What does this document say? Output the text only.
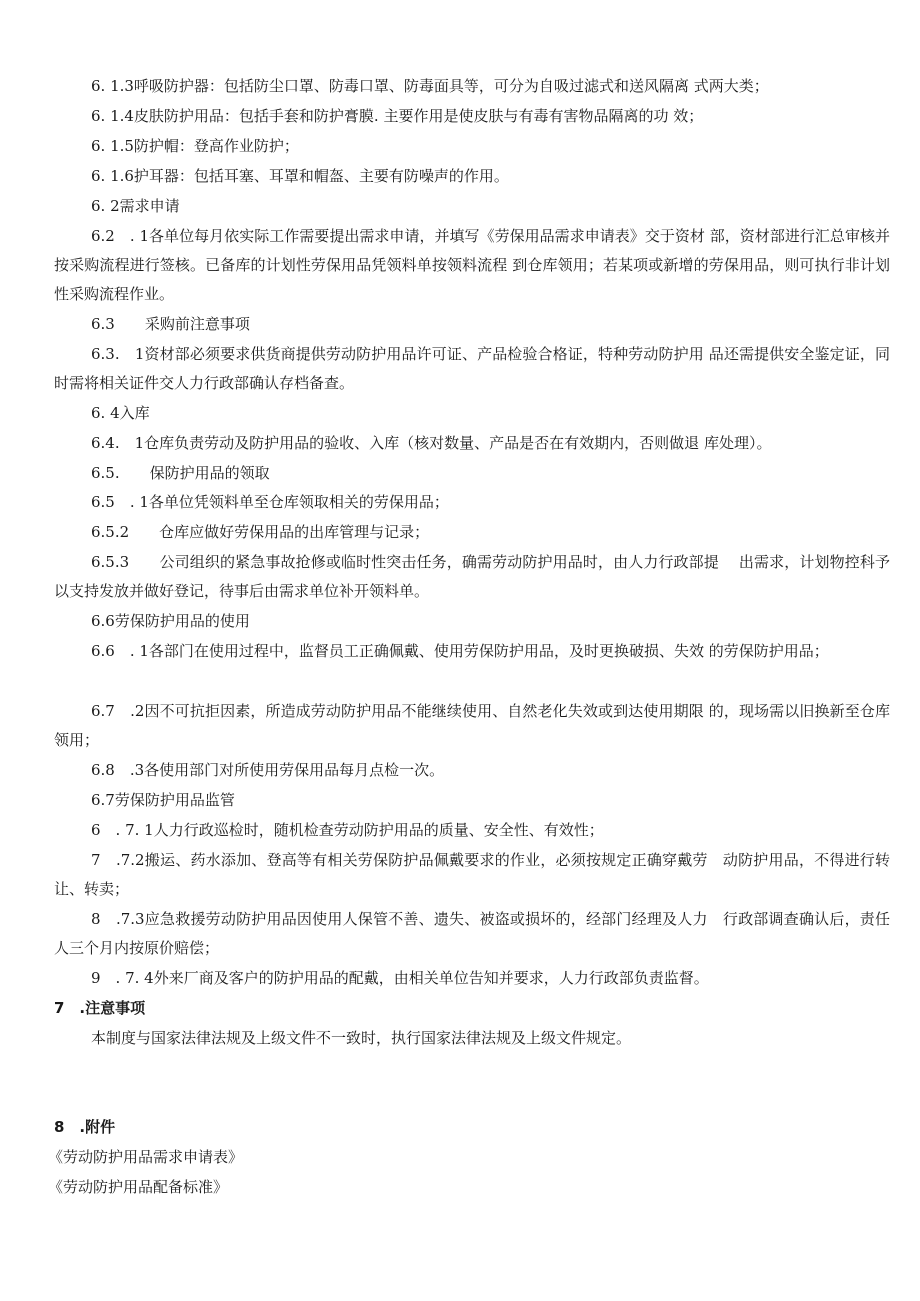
6. 1.3呼吸防护器：包括防尘口罩、防毒口罩、防毒面具等，可分为自吸过滤式和送风隔离 式两大类；

6. 1.4皮肤防护用品：包括手套和防护膏膜. 主要作用是使皮肤与有毒有害物品隔离的功 效；

6. 1.5防护帽：登高作业防护；

6. 1.6护耳器：包括耳塞、耳罩和帽盔、主要有防噪声的作用。

6. 2需求申请

6.2　. 1各单位每月依实际工作需要提出需求申请，并填写《劳保用品需求申请表》交于资材 部，资材部进行汇总审核并按采购流程进行签核。已备库的计划性劳保用品凭领料单按领料流程 到仓库领用；若某项或新增的劳保用品，则可执行非计划性采购流程作业。

6.3　　采购前注意事项

6.3.　1资材部必须要求供货商提供劳动防护用品许可证、产品检验合格证，特种劳动防护用 品还需提供安全鉴定证，同时需将相关证件交人力行政部确认存档备查。

6. 4入库

6.4.　1仓库负责劳动及防护用品的验收、入库（核对数量、产品是否在有效期内，否则做退 库处理）。

6.5.　　保防护用品的领取

6.5　. 1各单位凭领料单至仓库领取相关的劳保用品；

6.5.2　　仓库应做好劳保用品的出库管理与记录；

6.5.3　　公司组织的紧急事故抢修或临时性突击任务，确需劳动防护用品时，由人力行政部提　 出需求，计划物控科予以支持发放并做好登记，待事后由需求单位补开领料单。

6.6劳保防护用品的使用

6.6　. 1各部门在使用过程中，监督员工正确佩戴、使用劳保防护用品，及时更换破损、失效 的劳保防护用品；

6.7　.2因不可抗拒因素，所造成劳动防护用品不能继续使用、自然老化失效或到达使用期限 的，现场需以旧换新至仓库领用；

6.8　.3各使用部门对所使用劳保用品每月点检一次。

6.7劳保防护用品监管

6　. 7. 1人力行政巡检时，随机检查劳动防护用品的质量、安全性、有效性；

7　.7.2搬运、药水添加、登高等有相关劳保防护品佩戴要求的作业，必须按规定正确穿戴劳　动防护用品，不得进行转让、转卖；

8　.7.3应急救援劳动防护用品因使用人保管不善、遗失、被盗或损坏的，经部门经理及人力　行政部调查确认后，责任人三个月内按原价赔偿；

9　. 7. 4外来厂商及客户的防护用品的配戴，由相关单位告知并要求，人力行政部负责监督。

7　.注意事项

本制度与国家法律法规及上级文件不一致时，执行国家法律法规及上级文件规定。

8　.附件
《劳动防护用品需求申请表》
《劳动防护用品配备标准》
